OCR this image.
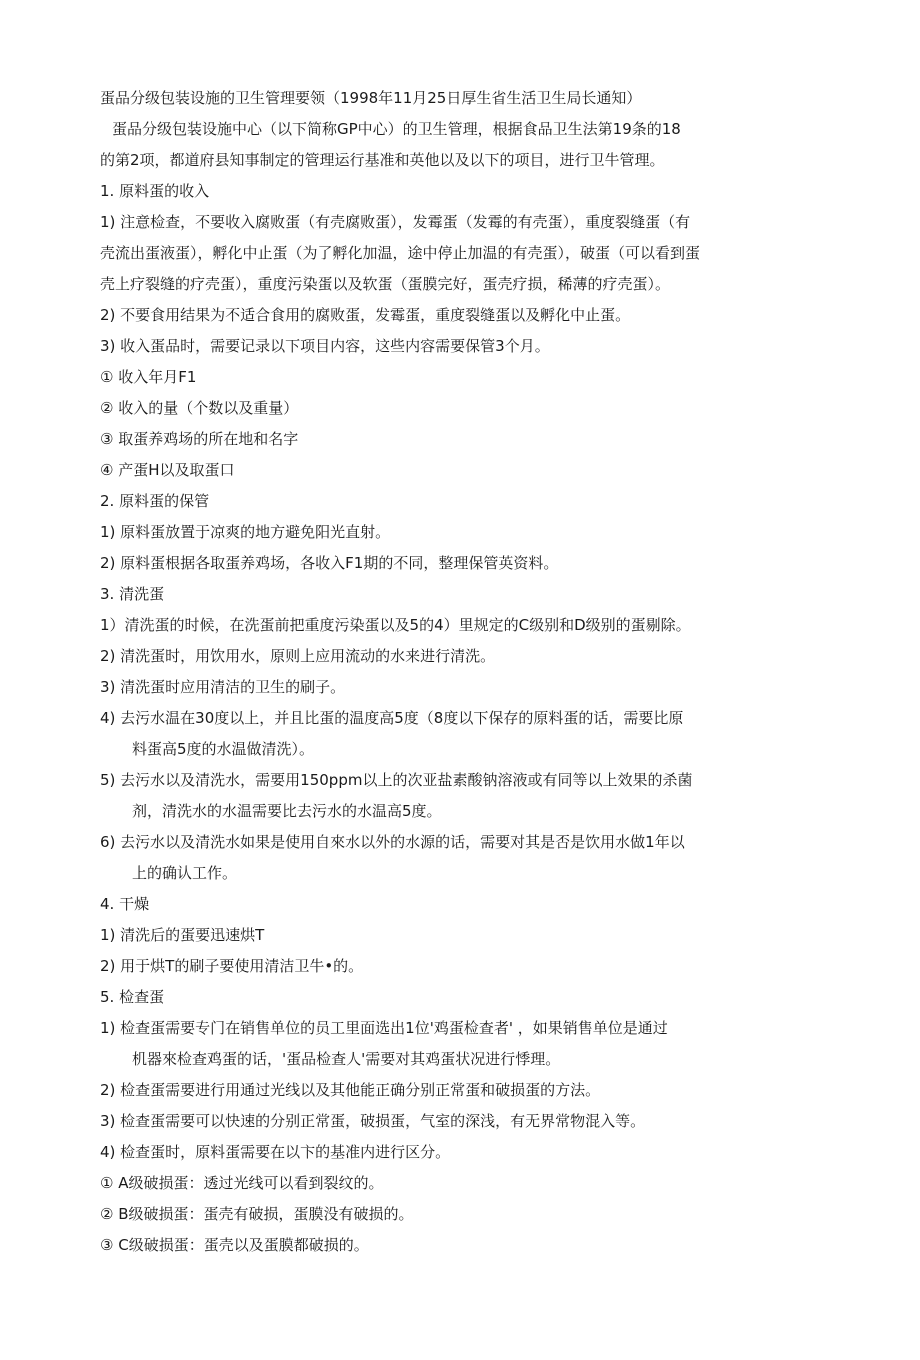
蛋品分级包装设施的卫生管理要领（1998年11月25日厚生省生活卫生局长通知）
蛋品分级包装设施中心（以下简称GP中心）的卫生管理，根据食品卫生法第19条的18
的第2项，都道府县知事制定的管理运行基准和英他以及以下的项目，进行卫牛管理。
1. 原料蛋的收入
1) 注意检查，不要收入腐败蛋（有壳腐败蛋），发霉蛋（发霉的有壳蛋），重度裂缝蛋（有
壳流出蛋液蛋），孵化中止蛋（为了孵化加温，途中停止加温的有壳蛋），破蛋（可以看到蛋
壳上疗裂缝的疗壳蛋），重度污染蛋以及软蛋（蛋膜完好，蛋壳疗损，稀薄的疗壳蛋）。
2) 不要食用结果为不适合食用的腐败蛋，发霉蛋，重度裂缝蛋以及孵化中止蛋。
3) 收入蛋品时，需要记录以下项目内容，这些内容需要保管3个月。
① 收入年月F1
② 收入的量（个数以及重量）
③ 取蛋养鸡场的所在地和名字
④ 产蛋H以及取蛋口
2. 原料蛋的保管
1) 原料蛋放置于凉爽的地方避免阳光直射。
2) 原料蛋根据各取蛋养鸡场，各收入F1期的不同，整理保管英资料。
3. 清洗蛋
1）清洗蛋的时候，在洗蛋前把重度污染蛋以及5的4）里规定的C级别和D级别的蛋剔除。
2) 清洗蛋时，用饮用水，原则上应用流动的水来进行清洗。
3) 清洗蛋时应用清洁的卫生的刷子。
4) 去污水温在30度以上，并且比蛋的温度高5度（8度以下保存的原料蛋的话，需要比原
料蛋高5度的水温做清洗）。
5) 去污水以及清洗水，需要用150ppm以上的次亚盐素酸钠溶液或有同等以上效果的杀菌
剂，清洗水的水温需要比去污水的水温高5度。
6) 去污水以及清洗水如果是使用自來水以外的水源的话，需要对其是否是饮用水做1年以
上的确认工作。
4. 干燥
1) 清洗后的蛋要迅速烘T
2) 用于烘T的刷子要使用清洁卫牛•的。
5. 检查蛋
1) 检查蛋需要专门在销售单位的员工里面选出1位'鸡蛋检查者' ，如果销售单位是通过
机器來检查鸡蛋的话，'蛋品检查人'需要对其鸡蛋状况进行悸理。
2) 检查蛋需要进行用通过光线以及其他能正确分别正常蛋和破损蛋的方法。
3) 检查蛋需要可以快速的分别正常蛋，破损蛋，气室的深浅，有无界常物混入等。
4) 检查蛋时，原料蛋需要在以卞的基准内进行区分。
① A级破损蛋：透过光线可以看到裂纹的。
② B级破损蛋：蛋壳有破损，蛋膜没有破损的。
③ C级破损蛋：蛋壳以及蛋膜都破损的。
